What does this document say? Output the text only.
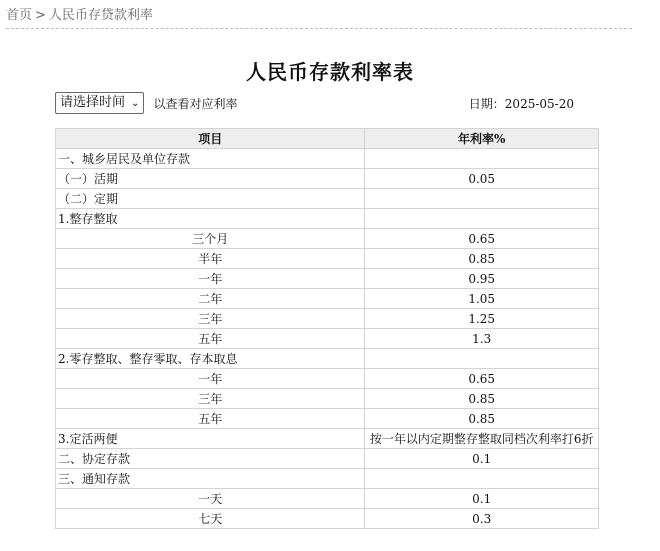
首页 > 人民币存贷款利率
人民币存款利率表
请选择时间 ⌄ 以查看对应利率	日期：2025-05-20
项目	年利率%
一、城乡居民及单位存款	
（一）活期	0.05
（二）定期	
1.整存整取	
三个月	0.65
半年	0.85
一年	0.95
二年	1.05
三年	1.25
五年	1.3
2.零存整取、整存零取、存本取息	
一年	0.65
三年	0.85
五年	0.85
3.定活两便	按一年以内定期整存整取同档次利率打6折
二、协定存款	0.1
三、通知存款	
一天	0.1
七天	0.3
